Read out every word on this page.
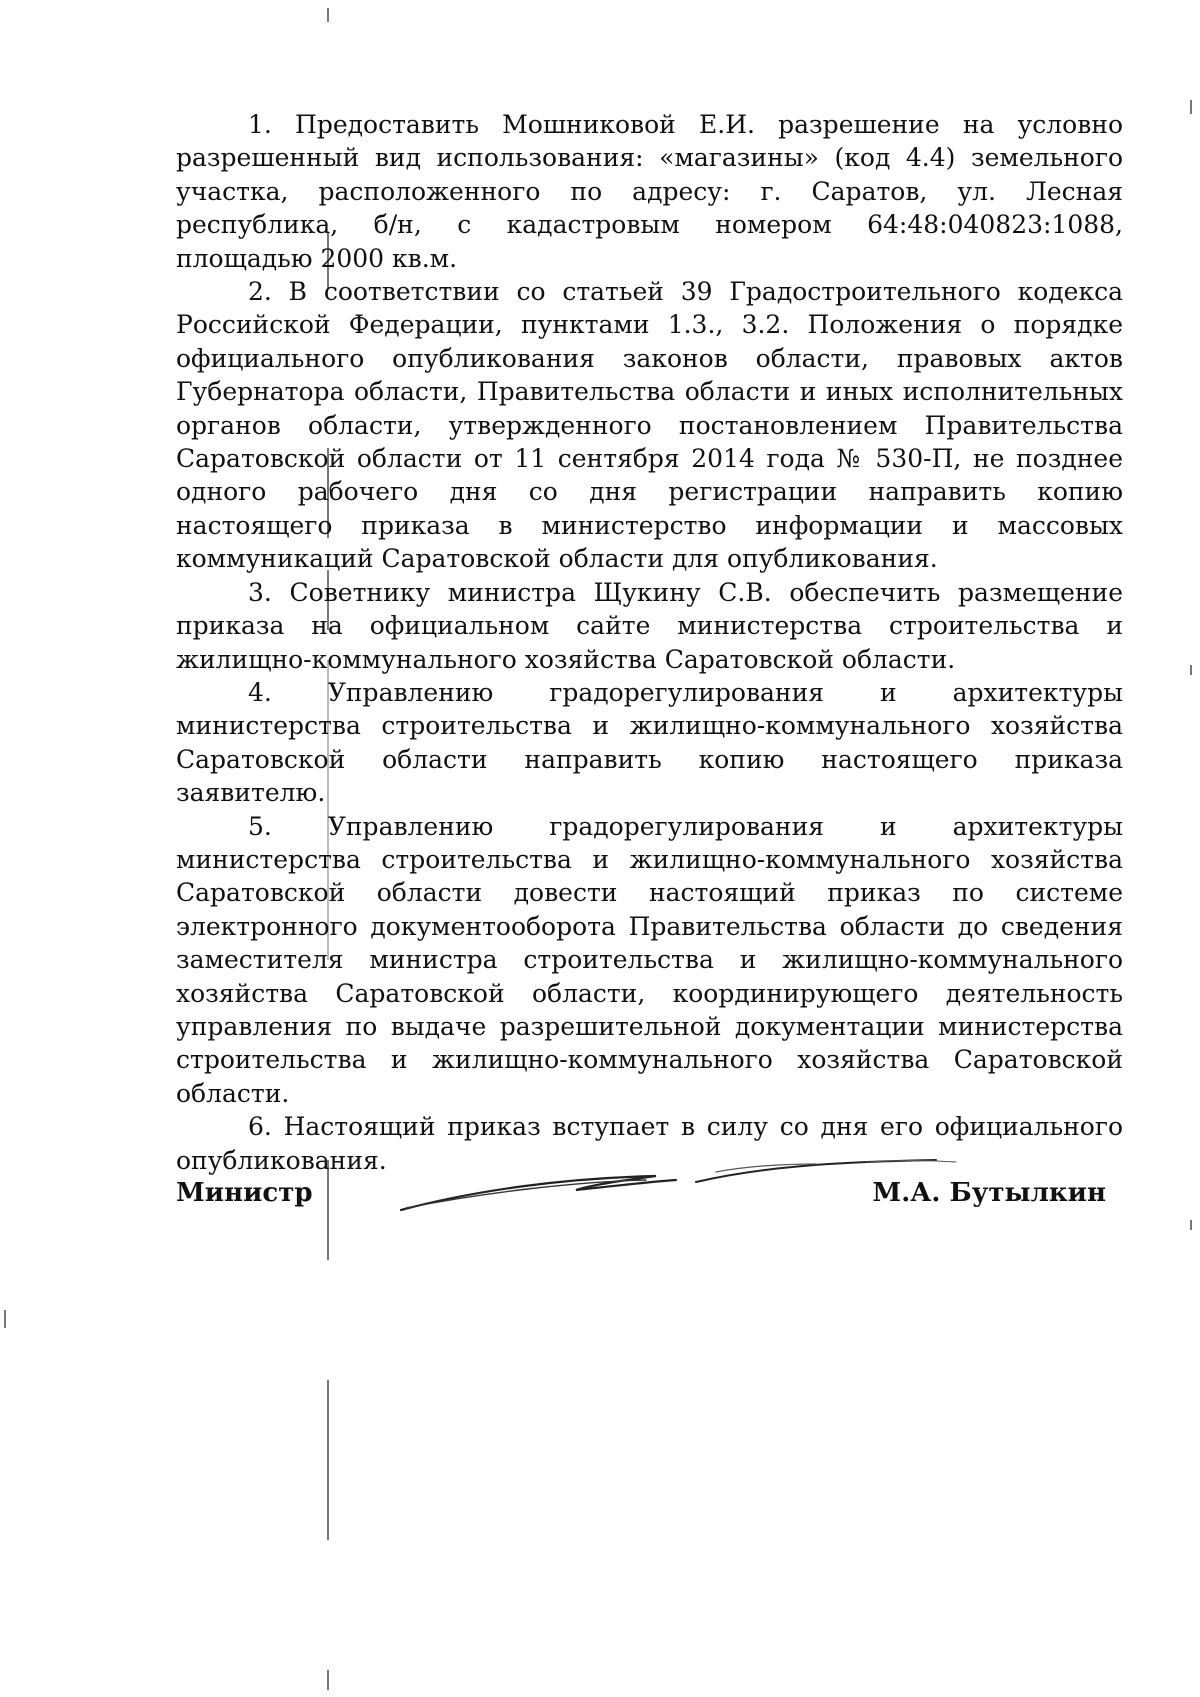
1. Предоставить Мошниковой Е.И. разрешение на условно разрешенный вид использования: «магазины» (код 4.4) земельного участка, расположенного по адресу: г. Саратов, ул. Лесная республика, б/н, с кадастровым номером 64:48:040823:1088, площадью 2000 кв.м.

2. В соответствии со статьей 39 Градостроительного кодекса Российской Федерации, пунктами 1.3., 3.2. Положения о порядке официального опубликования законов области, правовых актов Губернатора области, Правительства области и иных исполнительных органов области, утвержденного постановлением Правительства Саратовской области от 11 сентября 2014 года № 530-П, не позднее одного рабочего дня со дня регистрации направить копию настоящего приказа в министерство информации и массовых коммуникаций Саратовской области для опубликования.

3. Советнику министра Щукину С.В. обеспечить размещение приказа на официальном сайте министерства строительства и жилищно-коммунального хозяйства Саратовской области.

4. Управлению градорегулирования и архитектуры министерства строительства и жилищно-коммунального хозяйства Саратовской области направить копию настоящего приказа заявителю.

5. Управлению градорегулирования и архитектуры министерства строительства и жилищно-коммунального хозяйства Саратовской области довести настоящий приказ по системе электронного документооборота Правительства области до сведения заместителя министра строительства и жилищно-коммунального хозяйства Саратовской области, координирующего деятельность управления по выдаче разрешительной документации министерства строительства и жилищно-коммунального хозяйства Саратовской области.

6. Настоящий приказ вступает в силу со дня его официального опубликования.

Министр	М.А. Бутылкин
